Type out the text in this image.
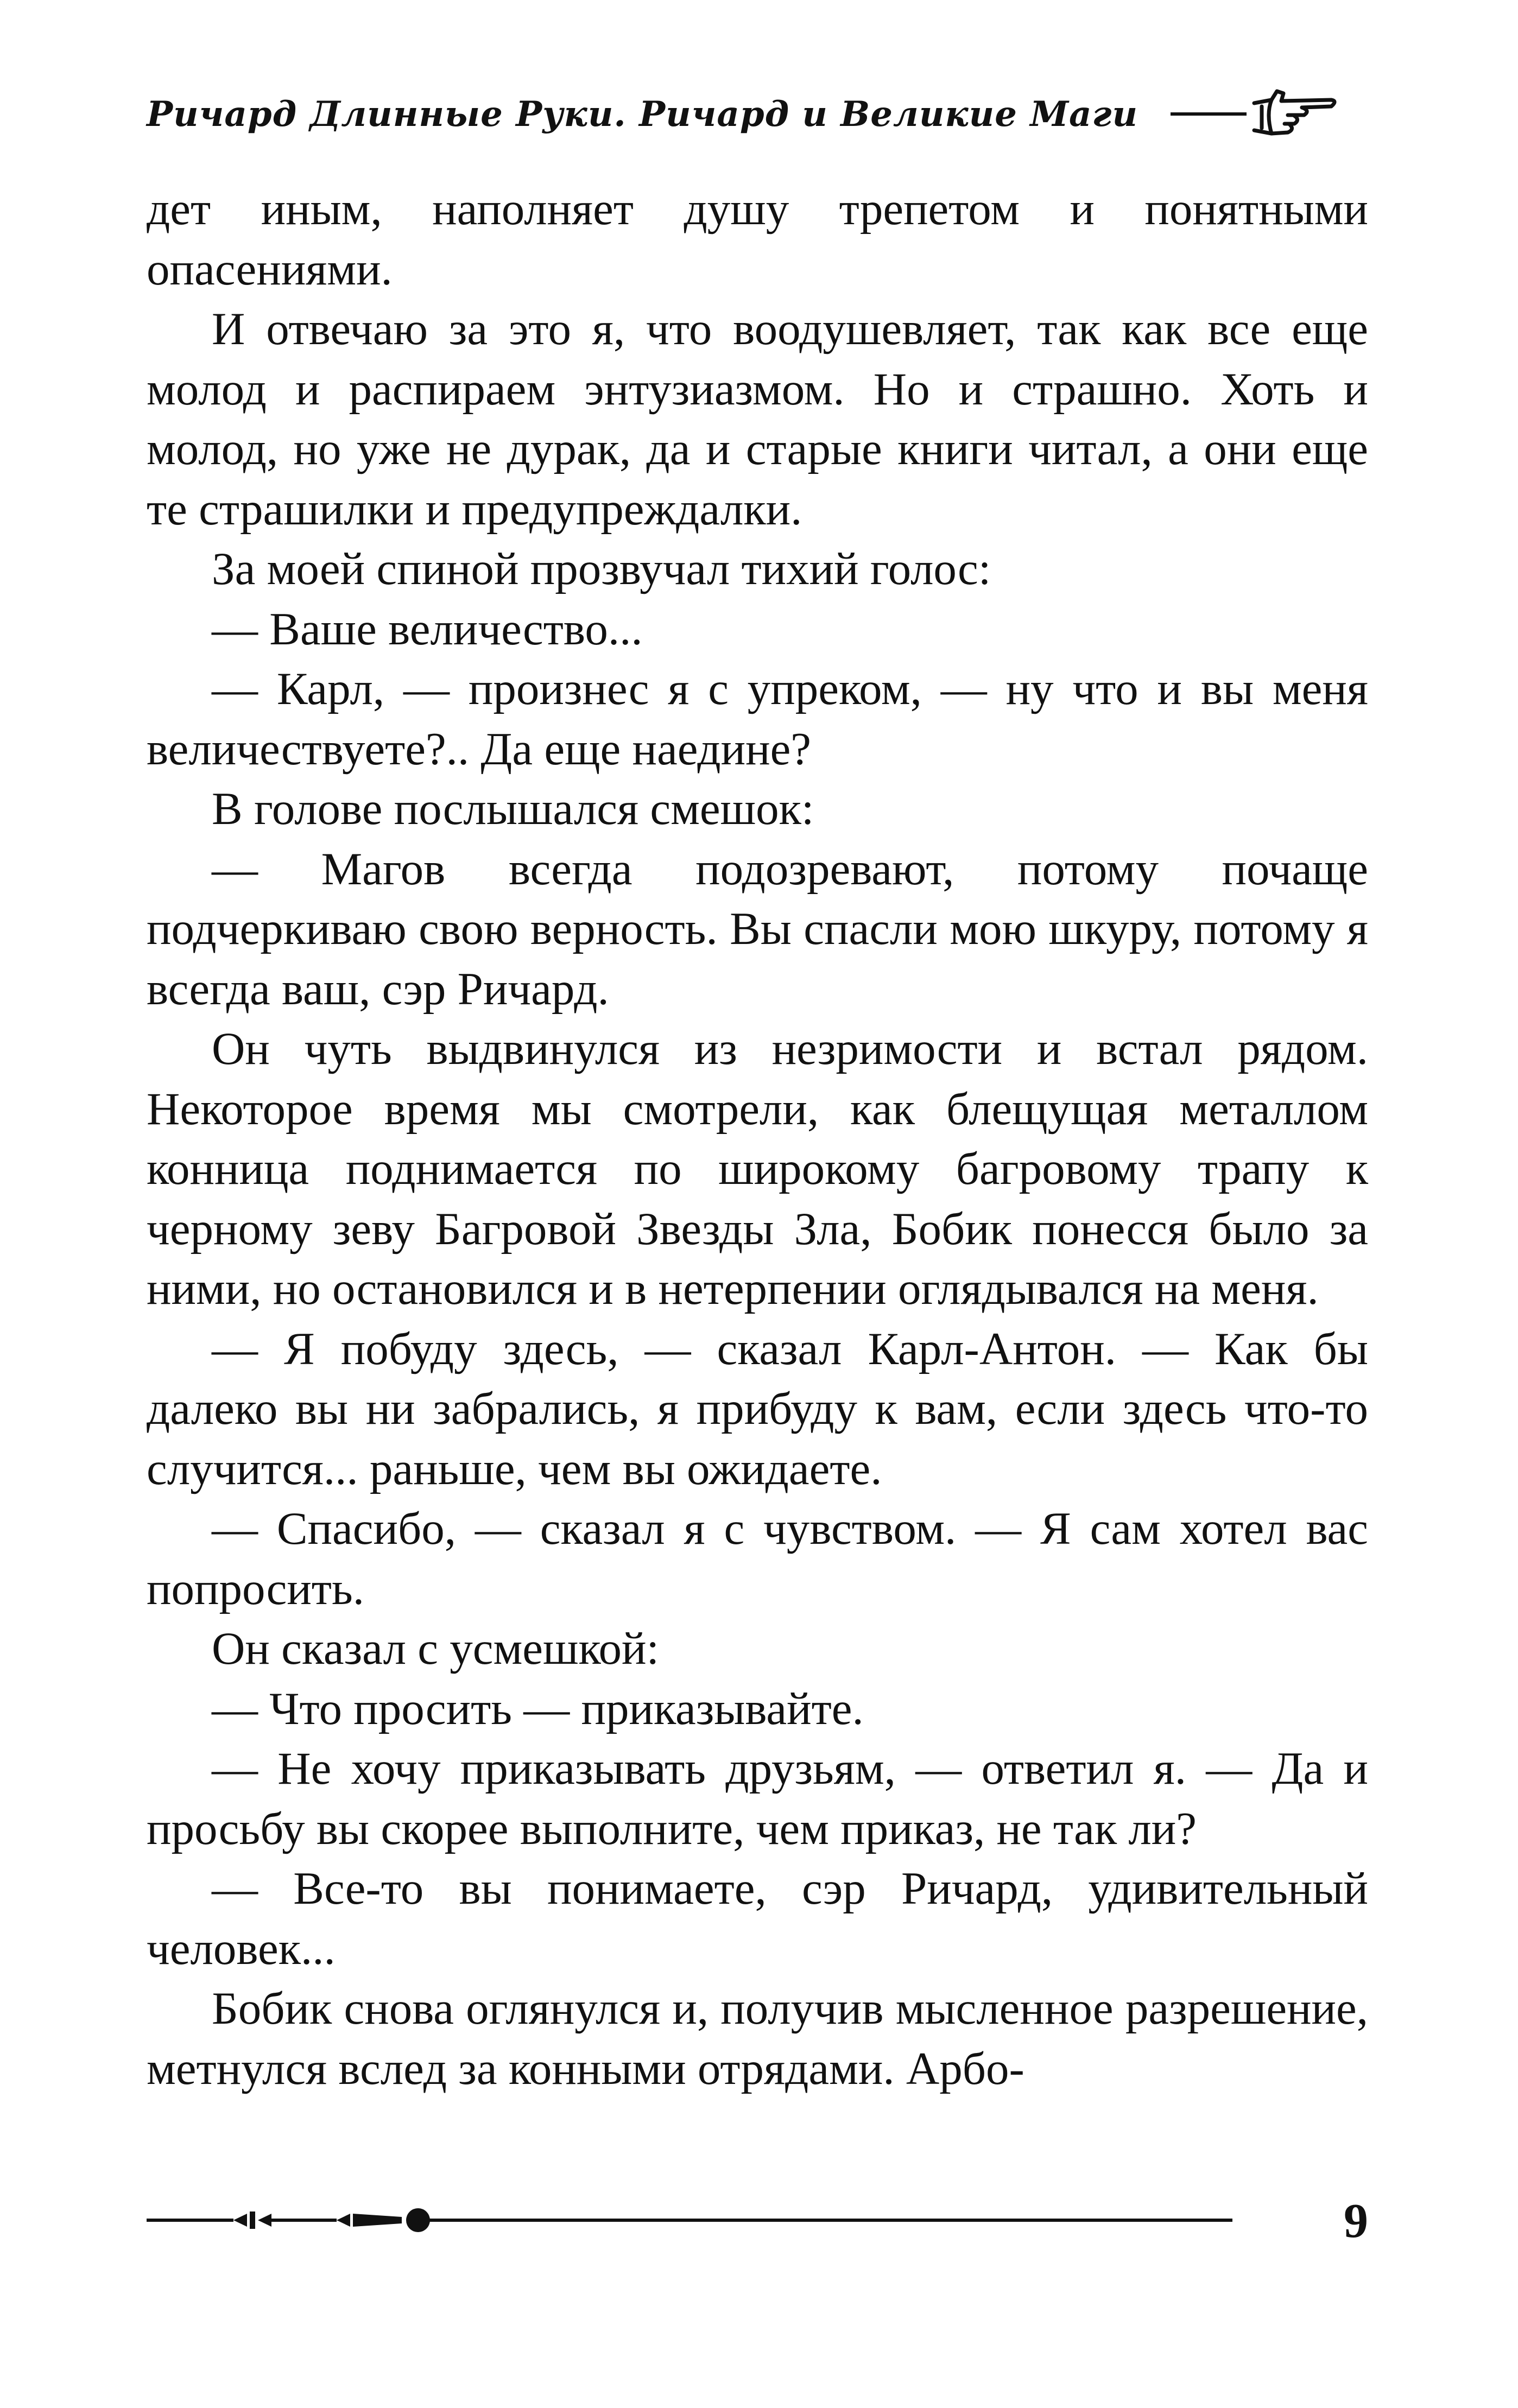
Ричард Длинные Руки. Ричард и Великие Маги

дет иным, наполняет душу трепетом и понятными опасениями.

И отвечаю за это я, что воодушевляет, так как все еще молод и распираем энтузиазмом. Но и страшно. Хоть и молод, но уже не дурак, да и старые книги читал, а они еще те страшилки и предупреждалки.

За моей спиной прозвучал тихий голос:

— Ваше величество...

— Карл, — произнес я с упреком, — ну что и вы меня величествуете?.. Да еще наедине?

В голове послышался смешок:

— Магов всегда подозревают, потому почаще подчеркиваю свою верность. Вы спасли мою шкуру, потому я всегда ваш, сэр Ричард.

Он чуть выдвинулся из незримости и встал рядом. Некоторое время мы смотрели, как блещущая металлом конница поднимается по широкому багровому трапу к черному зеву Багровой Звезды Зла, Бобик понесся было за ними, но остановился и в нетерпении оглядывался на меня.

— Я побуду здесь, — сказал Карл-Антон. — Как бы далеко вы ни забрались, я прибуду к вам, если здесь что-то случится... раньше, чем вы ожидаете.

— Спасибо, — сказал я с чувством. — Я сам хотел вас попросить.

Он сказал с усмешкой:

— Что просить — приказывайте.

— Не хочу приказывать друзьям, — ответил я. — Да и просьбу вы скорее выполните, чем приказ, не так ли?

— Все-то вы понимаете, сэр Ричард, удивительный человек...

Бобик снова оглянулся и, получив мысленное разрешение, метнулся вслед за конными отрядами. Арбо-

9
